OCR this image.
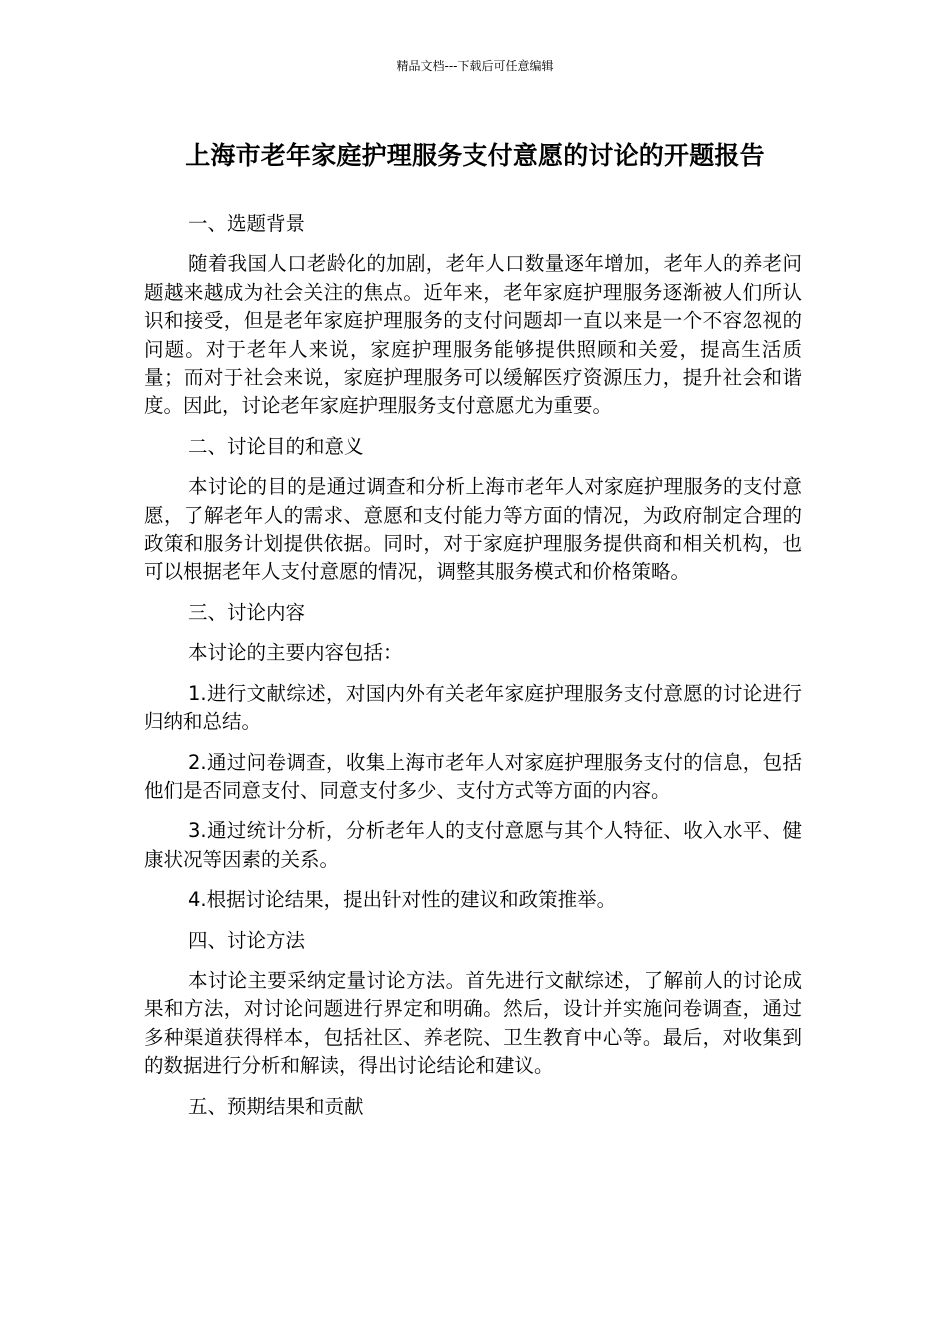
精品文档---下载后可任意编辑
上海市老年家庭护理服务支付意愿的讨论的开题报告

一、选题背景

随着我国人口老龄化的加剧，老年人口数量逐年增加，老年人的养老问题越来越成为社会关注的焦点。近年来，老年家庭护理服务逐渐被人们所认识和接受，但是老年家庭护理服务的支付问题却一直以来是一个不容忽视的问题。对于老年人来说，家庭护理服务能够提供照顾和关爱，提高生活质量；而对于社会来说，家庭护理服务可以缓解医疗资源压力，提升社会和谐度。因此，讨论老年家庭护理服务支付意愿尤为重要。

二、讨论目的和意义

本讨论的目的是通过调查和分析上海市老年人对家庭护理服务的支付意愿，了解老年人的需求、意愿和支付能力等方面的情况，为政府制定合理的政策和服务计划提供依据。同时，对于家庭护理服务提供商和相关机构，也可以根据老年人支付意愿的情况，调整其服务模式和价格策略。

三、讨论内容

本讨论的主要内容包括：

1.进行文献综述，对国内外有关老年家庭护理服务支付意愿的讨论进行归纳和总结。

2.通过问卷调查，收集上海市老年人对家庭护理服务支付的信息，包括他们是否同意支付、同意支付多少、支付方式等方面的内容。

3.通过统计分析，分析老年人的支付意愿与其个人特征、收入水平、健康状况等因素的关系。

4.根据讨论结果，提出针对性的建议和政策推举。

四、讨论方法

本讨论主要采纳定量讨论方法。首先进行文献综述，了解前人的讨论成果和方法，对讨论问题进行界定和明确。然后，设计并实施问卷调查，通过多种渠道获得样本，包括社区、养老院、卫生教育中心等。最后，对收集到的数据进行分析和解读，得出讨论结论和建议。

五、预期结果和贡献
